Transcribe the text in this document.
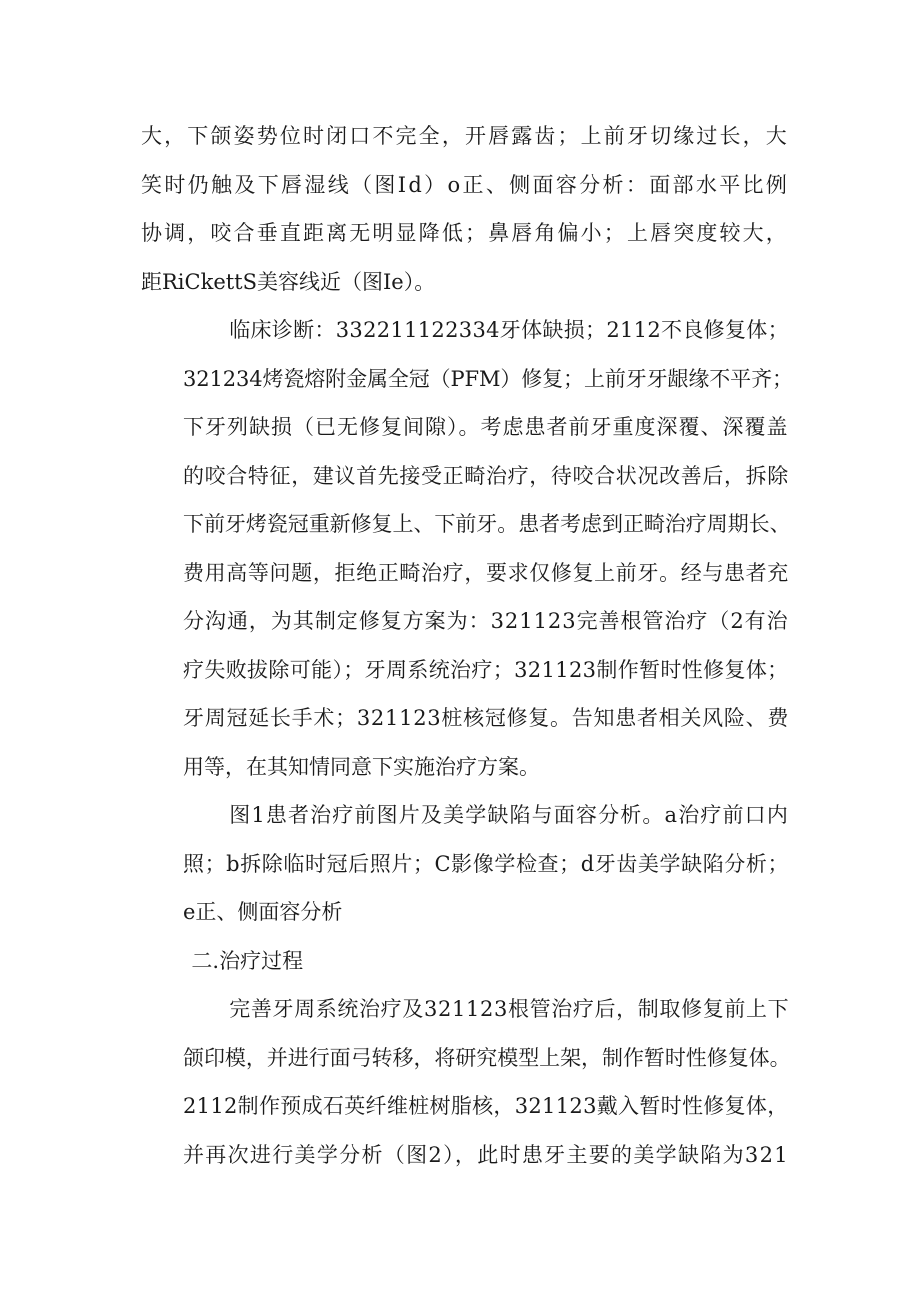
大，下颌姿势位时闭口不完全，开唇露齿；上前牙切缘过长，大
笑时仍触及下唇湿线（图Id）o正、侧面容分析：面部水平比例
协调，咬合垂直距离无明显降低；鼻唇角偏小；上唇突度较大，
距RiCkettS美容线近（图Ie）。
临床诊断：332211122334牙体缺损；2112不良修复体；
321234烤瓷熔附金属全冠（PFM）修复；上前牙牙龈缘不平齐；
下牙列缺损（已无修复间隙）。考虑患者前牙重度深覆、深覆盖
的咬合特征，建议首先接受正畸治疗，待咬合状况改善后，拆除
下前牙烤瓷冠重新修复上、下前牙。患者考虑到正畸治疗周期长、
费用高等问题，拒绝正畸治疗，要求仅修复上前牙。经与患者充
分沟通，为其制定修复方案为：321123完善根管治疗（2有治
疗失败拔除可能）；牙周系统治疗；321123制作暂时性修复体；
牙周冠延长手术；321123桩核冠修复。告知患者相关风险、费
用等，在其知情同意下实施治疗方案。
图1患者治疗前图片及美学缺陷与面容分析。a治疗前口内
照；b拆除临时冠后照片；C影像学检查；d牙齿美学缺陷分析；
e正、侧面容分析
二.治疗过程
完善牙周系统治疗及321123根管治疗后，制取修复前上下
颌印模，并进行面弓转移，将研究模型上架，制作暂时性修复体。
2112制作预成石英纤维桩树脂核，321123戴入暂时性修复体，
并再次进行美学分析（图2），此时患牙主要的美学缺陷为321
